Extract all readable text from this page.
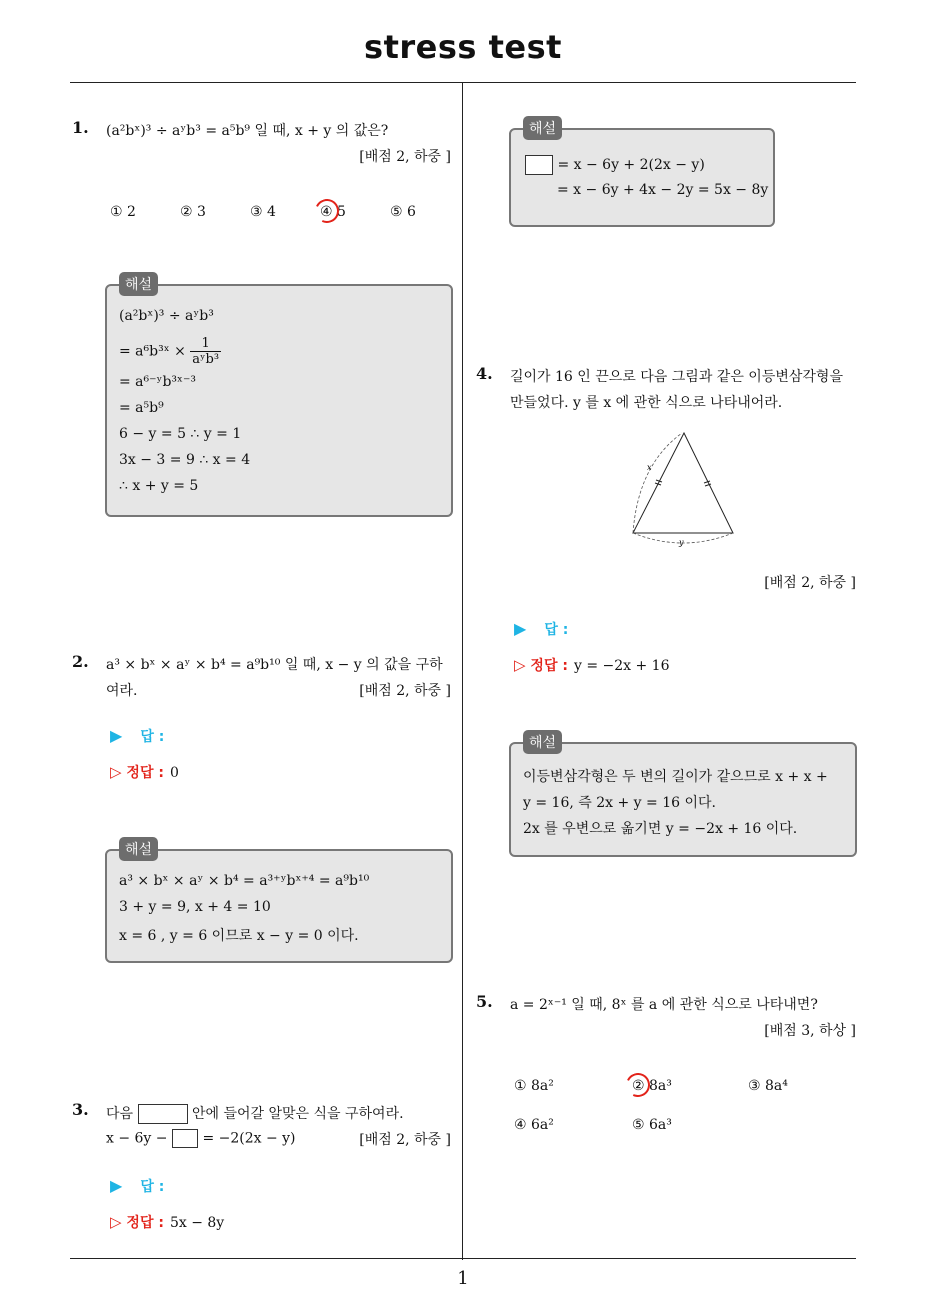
stress test
1
1. (a²bˣ)³ ÷ aʸb³ = a⁵b⁹ 일 때, x + y 의 값은?
[배점 2, 하중 ]
① 2	② 3	③ 4	④ 5	⑤ 6
해설
(a²bˣ)³ ÷ aʸb³
= a⁶b³ˣ × $\frac{1}{\text{aʸb³}}$
= a⁶⁻ʸb³ˣ⁻³
= a⁵b⁹
6 − y = 5 ∴ y = 1
3x − 3 = 9 ∴ x = 4
∴ x + y = 5
2. a³ × bˣ × aʸ × b⁴ = a⁹b¹⁰ 일 때, x − y 의 값을 구하
여라.	[배점 2, 하중 ]
▶ 답 :
▷ 정답 : 0
해설
a³ × bˣ × aʸ × b⁴ = a³⁺ʸbˣ⁺⁴ = a⁹b¹⁰
3 + y = 9, x + 4 = 10
x = 6 , y = 6 이므로 x − y = 0 이다.
3. 다음	안에 들어갈 알맞은 식을 구하여라.
x − 6y − = −2(2x − y)	[배점 2, 하중 ]
▶ 답 :
▷ 정답 : 5x − 8y
해설
= x − 6y + 2(2x − y)
= x − 6y + 4x − 2y = 5x − 8y
4. 길이가 16 인 끈으로 다음 그림과 같은 이등변삼각형을
만들었다. y 를 x 에 관한 식으로 나타내어라.
x
y
[배점 2, 하중 ]
▶ 답 :
▷ 정답 : y = −2x + 16
해설
이등변삼각형은 두 변의 길이가 같으므로 x + x +
y = 16, 즉 2x + y = 16 이다.
2x 를 우변으로 옮기면 y = −2x + 16 이다.
5. a = 2ˣ⁻¹ 일 때, 8ˣ 를 a 에 관한 식으로 나타내면?
[배점 3, 하상 ]
① 8a²	② 8a³	③ 8a⁴
④ 6a²	⑤ 6a³
